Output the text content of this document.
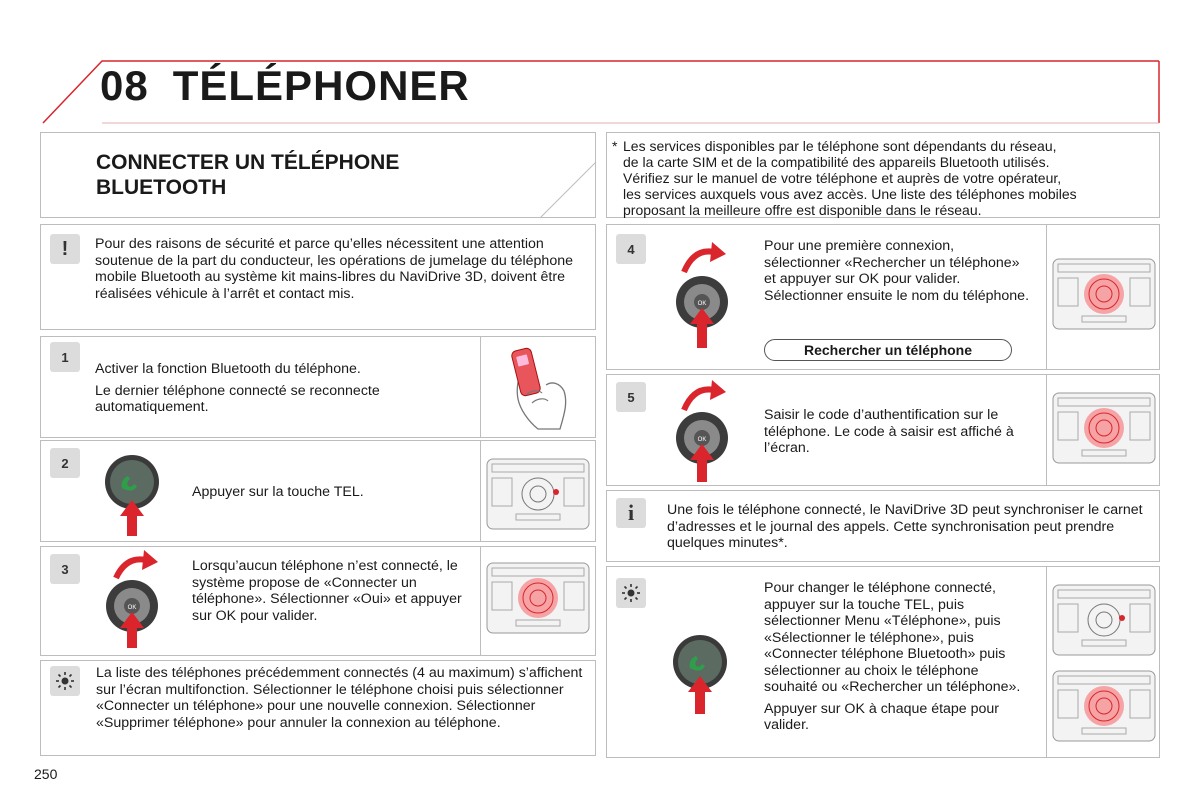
08 TÉLÉPHONER
CONNECTER UN TÉLÉPHONE
BLUETOOTH
* Les services disponibles par le téléphone sont dépendants du réseau,
de la carte SIM et de la compatibilité des appareils Bluetooth utilisés.
Vérifiez sur le manuel de votre téléphone et auprès de votre opérateur,
les services auxquels vous avez accès. Une liste des téléphones mobiles
proposant la meilleure offre est disponible dans le réseau.
!	Pour des raisons de sécurité et parce qu’elles nécessitent une attention soutenue de la part du conducteur, les opérations de jumelage du téléphone mobile Bluetooth au système kit mains-libres du NaviDrive 3D, doivent être réalisées véhicule à l’arrêt et contact mis.
1

Activer la fonction Bluetooth du téléphone.

Le dernier téléphone connecté se reconnecte automatiquement.

2
Appuyer sur la touche TEL.
3
OK
Lorsqu’aucun téléphone n’est connecté, le système propose de «Connecter un téléphone». Sélectionner «Oui» et appuyer sur OK pour valider.
La liste des téléphones précédemment connectés (4 au maximum) s’affichent sur l’écran multifonction. Sélectionner le téléphone choisi puis sélectionner «Connecter un téléphone» pour une nouvelle connexion. Sélectionner «Supprimer téléphone» pour annuler la connexion au téléphone.
4
OK
Pour une première connexion, sélectionner «Rechercher un téléphone» et appuyer sur OK pour valider. Sélectionner ensuite le nom du téléphone.
Rechercher un téléphone
5
OK
Saisir le code d’authentification sur le téléphone. Le code à saisir est affiché à l’écran.
i	Une fois le téléphone connecté, le NaviDrive 3D peut synchroniser le carnet d’adresses et le journal des appels. Cette synchronisation peut prendre quelques minutes*.

Pour changer le téléphone connecté, appuyer sur la touche TEL, puis sélectionner Menu «Téléphone», puis «Sélectionner le téléphone», puis «Connecter téléphone Bluetooth» puis sélectionner au choix le téléphone souhaité ou «Rechercher un téléphone».

Appuyer sur OK à chaque étape pour valider.

250
